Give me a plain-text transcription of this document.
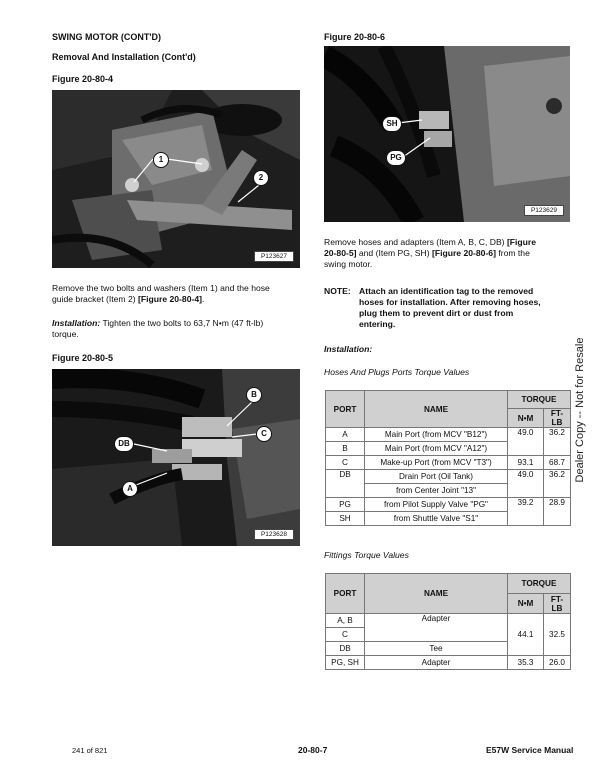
SWING MOTOR (CONT'D)
Removal And Installation (Cont'd)
Figure 20-80-4
1
2
P123627
Remove the two bolts and washers (Item 1) and the hose
guide bracket (Item 2) [Figure 20-80-4].
Installation: Tighten the two bolts to 63,7 N•m (47 ft-lb)
torque.
Figure 20-80-5
B
DB
C
A
P123628
Figure 20-80-6
SH
PG
P123629
Remove hoses and adapters (Item A, B, C, DB) [Figure
20-80-5] and (Item PG, SH) [Figure 20-80-6] from the
swing motor.
NOTE: Attach an identification tag to the removed
hoses for installation. After removing hoses,
plug them to prevent dirt or dust from
entering.
Installation:
Hoses And Plugs Ports Torque Values
PORT	NAME	TORQUE	
		N•M	FT-LB
A	Main Port (from MCV "B12")	49.0	36.2
B	Main Port (from MCV "A12")		
C	Make-up Port (from MCV "T3")	93.1	68.7
DB	Drain Port (Oil Tank)	49.0	36.2
	from Center Joint "13"		
PG	from Pilot Supply Valve "PG"	39.2	28.9
SH	from Shuttle Valve "S1"		
Fittings Torque Values
PORT	NAME	TORQUE	
		N•M	FT-LB
A, B	Adapter	44.1	32.5
C			
DB	Tee		
PG, SH	Adapter	35.3	26.0
Dealer Copy -- Not for Resale
241 of 821	20-80-7	E57W Service Manual
